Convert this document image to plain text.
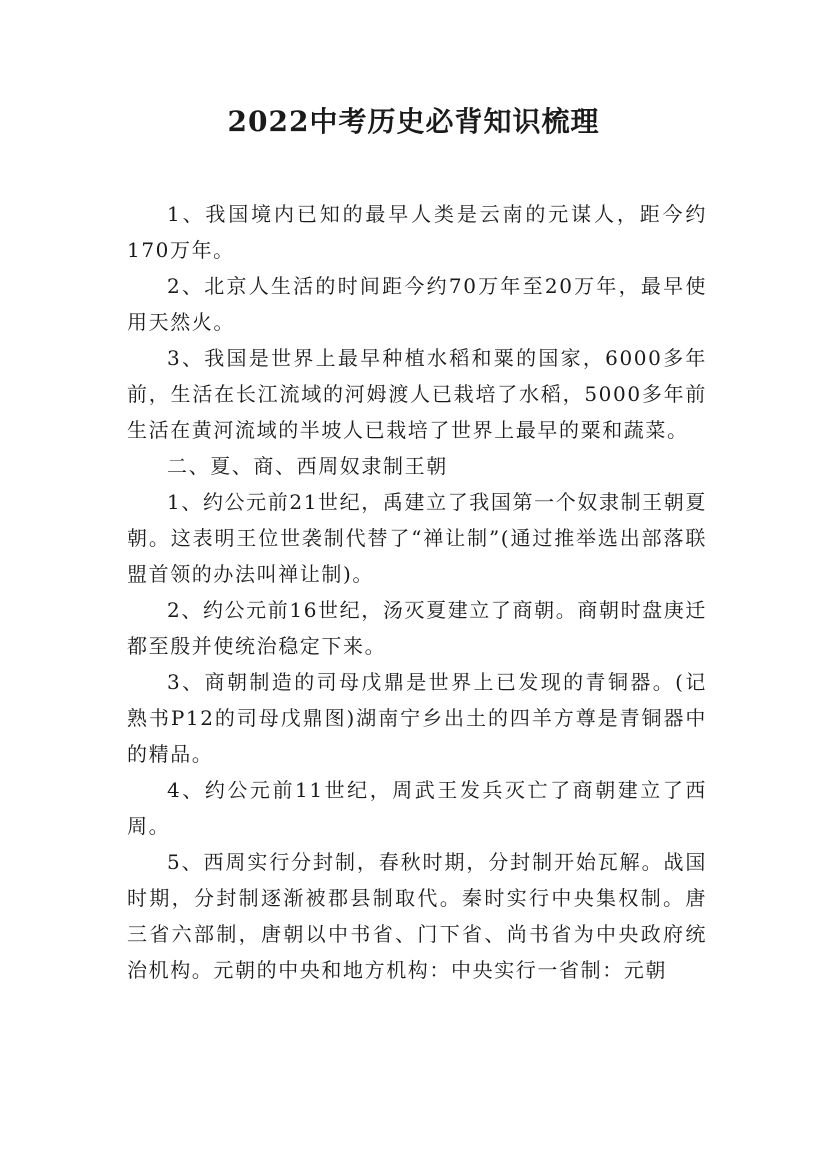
2022中考历史必背知识梳理

1、我国境内已知的最早人类是云南的元谋人，距今约170万年。

2、北京人生活的时间距今约70万年至20万年，最早使用天然火。

3、我国是世界上最早种植水稻和粟的国家，6000多年前，生活在长江流域的河姆渡人已栽培了水稻，5000多年前生活在黄河流域的半坡人已栽培了世界上最早的粟和蔬菜。

二、夏、商、西周奴隶制王朝

1、约公元前21世纪，禹建立了我国第一个奴隶制王朝夏朝。这表明王位世袭制代替了“禅让制”(通过推举选出部落联盟首领的办法叫禅让制)。

2、约公元前16世纪，汤灭夏建立了商朝。商朝时盘庚迁都至殷并使统治稳定下来。

3、商朝制造的司母戊鼎是世界上已发现的青铜器。(记熟书P12的司母戊鼎图)湖南宁乡出土的四羊方尊是青铜器中的精品。

4、约公元前11世纪，周武王发兵灭亡了商朝建立了西周。

5、西周实行分封制，春秋时期，分封制开始瓦解。战国时期，分封制逐渐被郡县制取代。秦时实行中央集权制。唐三省六部制，唐朝以中书省、门下省、尚书省为中央政府统治机构。元朝的中央和地方机构：中央实行一省制：元朝
